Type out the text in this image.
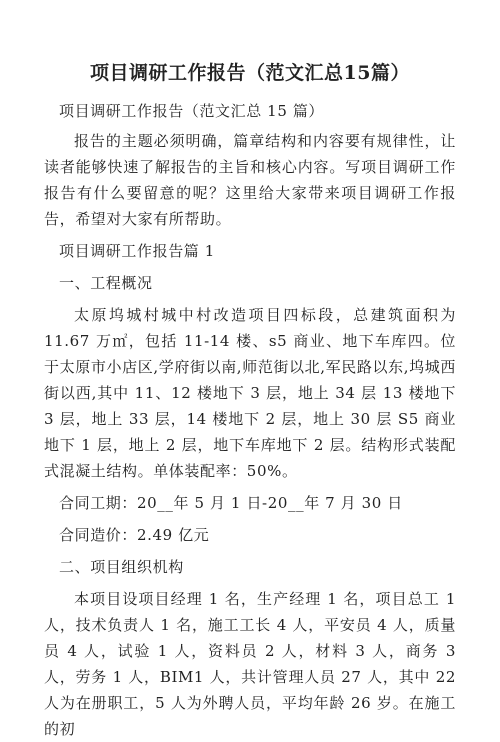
项目调研工作报告（范文汇总15篇）

项目调研工作报告（范文汇总 15 篇）

报告的主题必须明确，篇章结构和内容要有规律性，让读者能够快速了解报告的主旨和核心内容。写项目调研工作报告有什么要留意的呢？这里给大家带来项目调研工作报告，希望对大家有所帮助。

项目调研工作报告篇 1

一、工程概况

太原坞城村城中村改造项目四标段，总建筑面积为 11.67 万㎡，包括 11-14 楼、s5 商业、地下车库四。位于太原市小店区,学府街以南,师范街以北,军民路以东,坞城西街以西,其中 11、12 楼地下 3 层，地上 34 层 13 楼地下 3 层，地上 33 层，14 楼地下 2 层，地上 30 层 S5 商业地下 1 层，地上 2 层，地下车库地下 2 层。结构形式装配式混凝土结构。单体装配率：50%。

合同工期：20__年 5 月 1 日-20__年 7 月 30 日

合同造价：2.49 亿元

二、项目组织机构

本项目设项目经理 1 名，生产经理 1 名，项目总工 1 人，技术负责人 1 名，施工工长 4 人，平安员 4 人，质量员 4 人，试验 1 人，资料员 2 人，材料 3 人，商务 3 人，劳务 1 人，BIM1 人，共计管理人员 27 人，其中 22 人为在册职工，5 人为外聘人员，平均年龄 26 岁。在施工的初
